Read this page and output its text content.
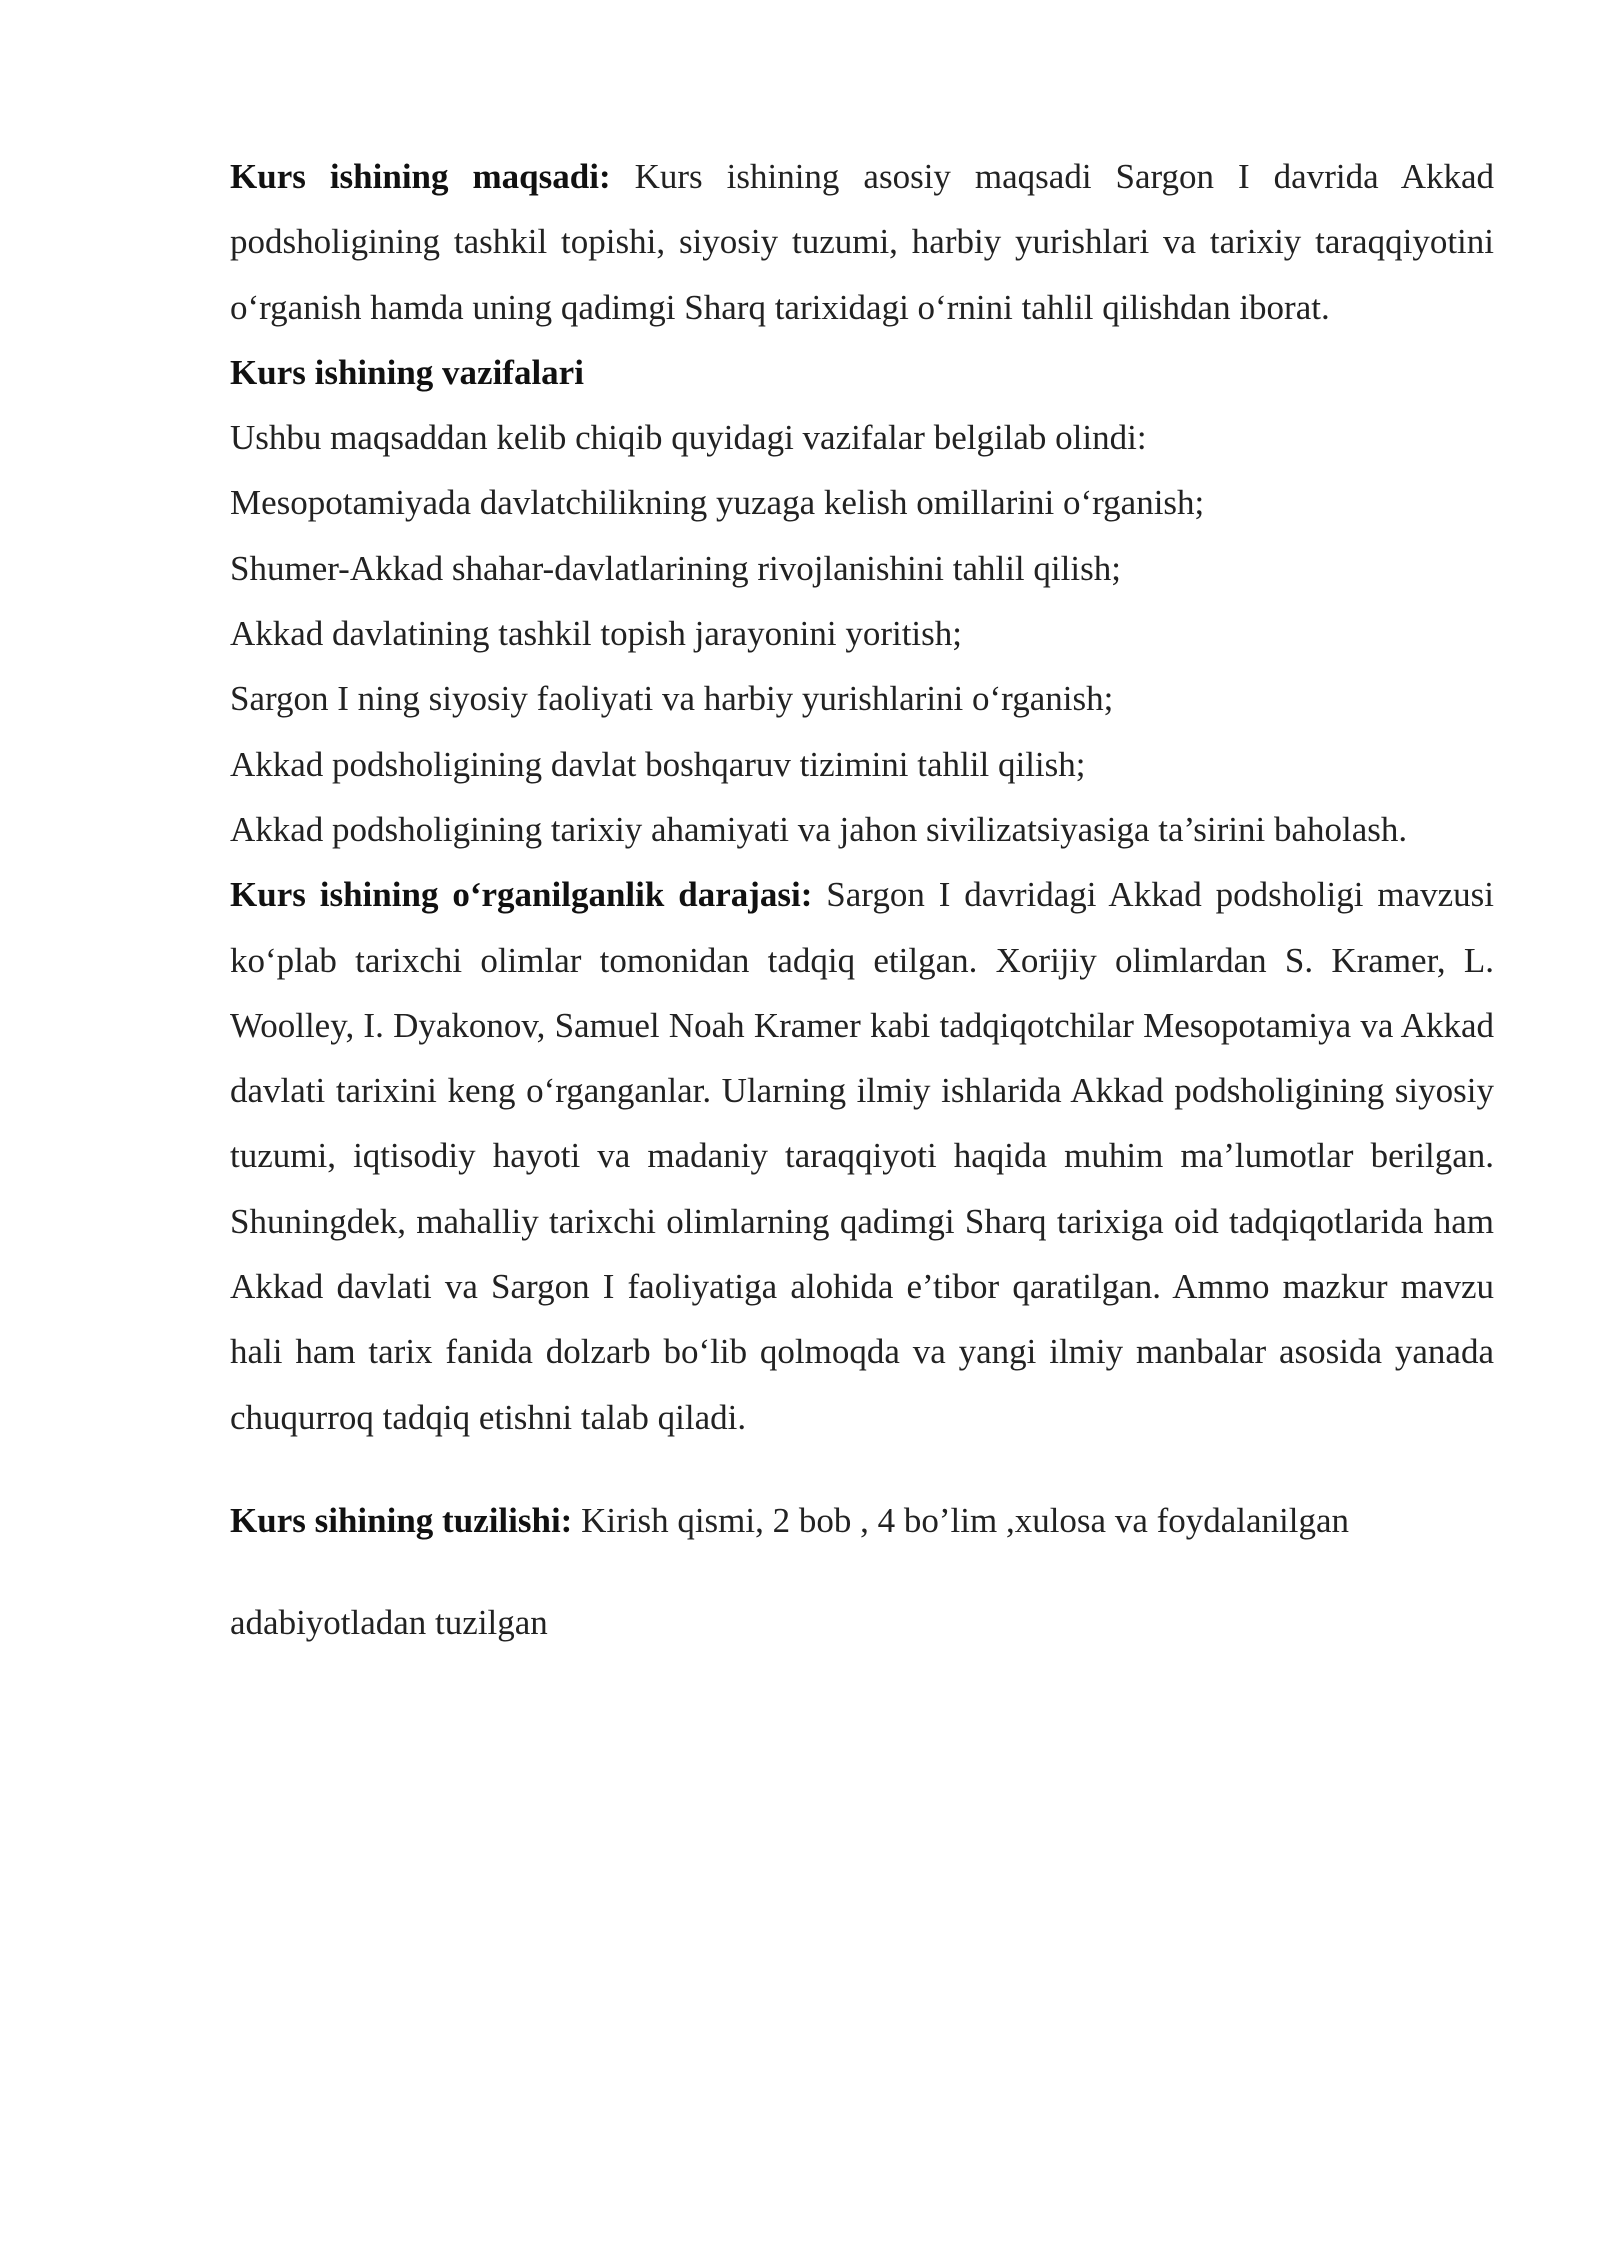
Kurs ishining maqsadi: Kurs ishining asosiy maqsadi Sargon I davrida Akkad podsholigining tashkil topishi, siyosiy tuzumi, harbiy yurishlari va tarixiy taraqqiyotini o‘rganish hamda uning qadimgi Sharq tarixidagi o‘rnini tahlil qilishdan iborat.

Kurs ishining vazifalari

Ushbu maqsaddan kelib chiqib quyidagi vazifalar belgilab olindi:

Mesopotamiyada davlatchilikning yuzaga kelish omillarini o‘rganish;

Shumer-Akkad shahar-davlatlarining rivojlanishini tahlil qilish;

Akkad davlatining tashkil topish jarayonini yoritish;

Sargon I ning siyosiy faoliyati va harbiy yurishlarini o‘rganish;

Akkad podsholigining davlat boshqaruv tizimini tahlil qilish;

Akkad podsholigining tarixiy ahamiyati va jahon sivilizatsiyasiga ta’sirini baholash.

Kurs ishining o‘rganilganlik darajasi: Sargon I davridagi Akkad podsholigi mavzusi ko‘plab tarixchi olimlar tomonidan tadqiq etilgan. Xorijiy olimlardan S. Kramer, L. Woolley, I. Dyakonov, Samuel Noah Kramer kabi tadqiqotchilar Mesopotamiya va Akkad davlati tarixini keng o‘rganganlar. Ularning ilmiy ishlarida Akkad podsholigining siyosiy tuzumi, iqtisodiy hayoti va madaniy taraqqiyoti haqida muhim ma’lumotlar berilgan. Shuningdek, mahalliy tarixchi olimlarning qadimgi Sharq tarixiga oid tadqiqotlarida ham Akkad davlati va Sargon I faoliyatiga alohida e’tibor qaratilgan. Ammo mazkur mavzu hali ham tarix fanida dolzarb bo‘lib qolmoqda va yangi ilmiy manbalar asosida yanada chuqurroq tadqiq etishni talab qiladi.

Kurs sihining tuzilishi: Kirish qismi, 2 bob , 4 bo’lim ,xulosa va foydalanilgan

adabiyotladan tuzilgan
